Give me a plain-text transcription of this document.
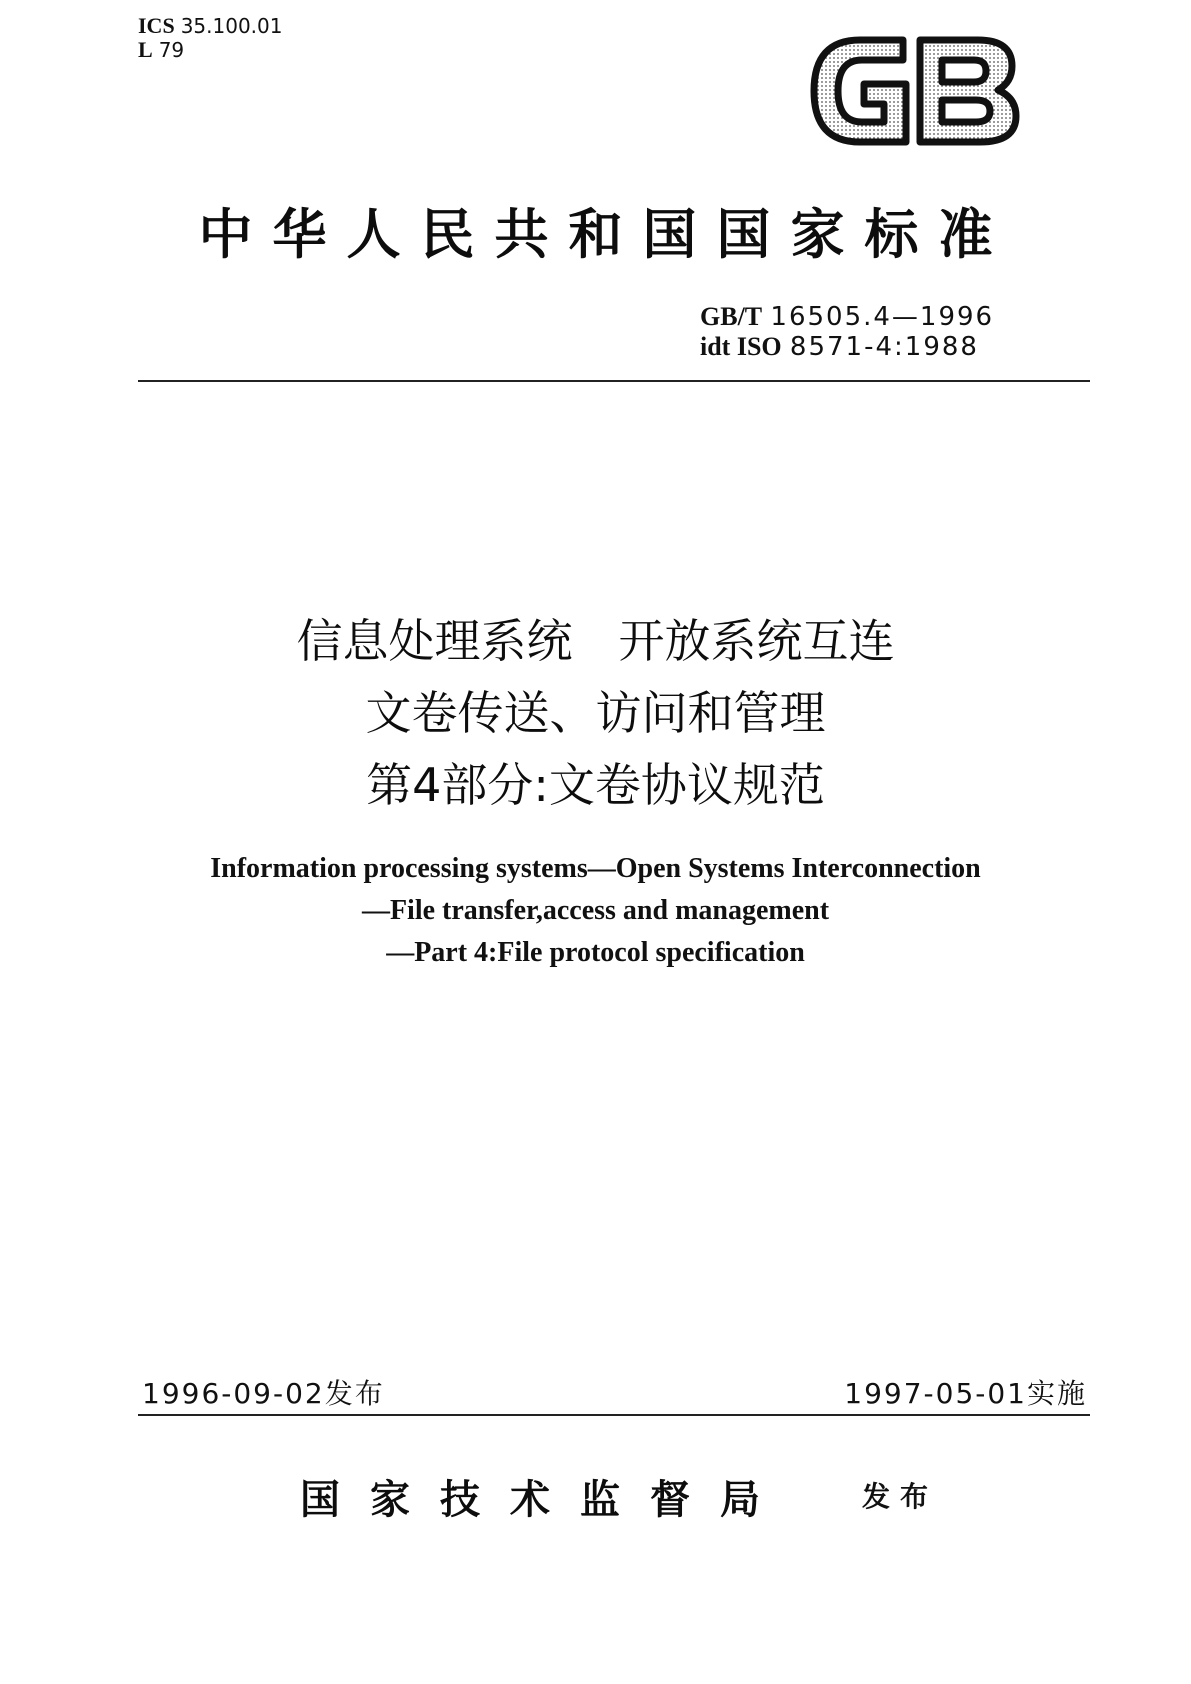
ICS 35.100.01
L 79
中华人民共和国国家标准
GB/T 16505.4—1996
idt ISO 8571-4:1988
信息处理系统　开放系统互连
文卷传送、访问和管理
第4部分:文卷协议规范
Information processing systems—Open Systems Interconnection
—File transfer,access and management
—Part 4:File protocol specification
1996-09-02发布	1997-05-01实施
国家技术监督局	发布
